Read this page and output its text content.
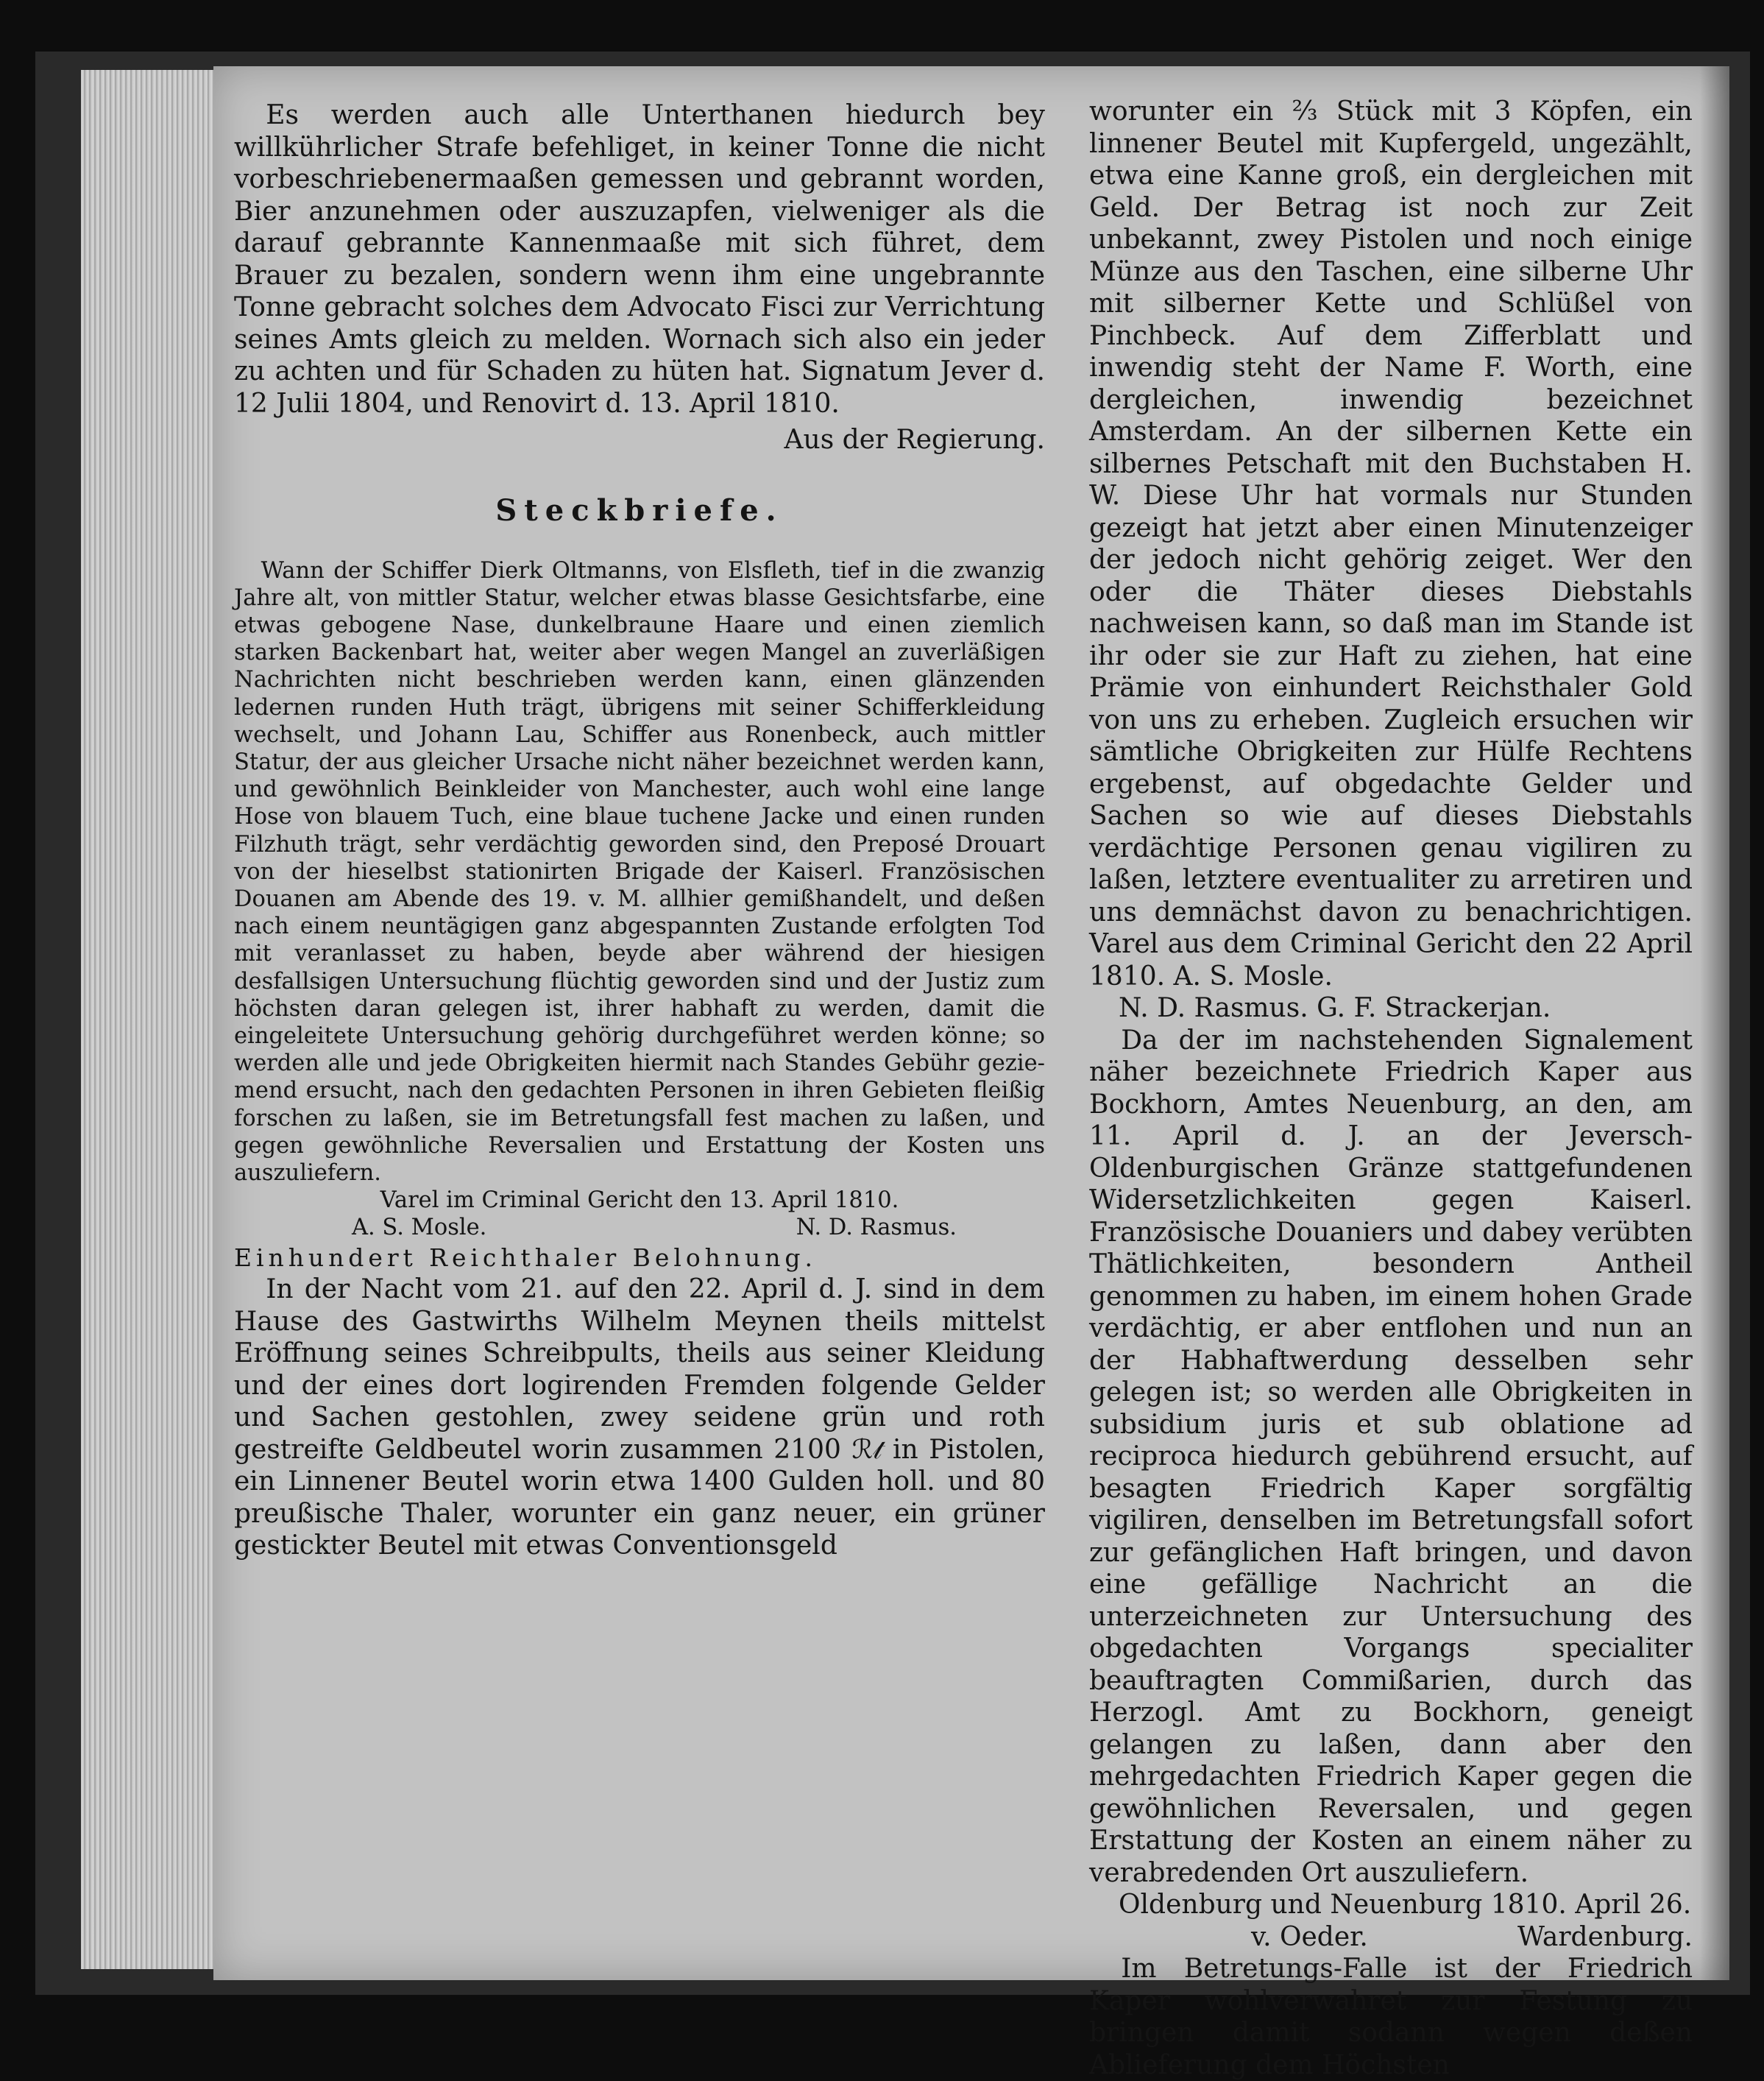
Es werden auch alle Unterthanen hiedurch bey willkührlicher Strafe befehliget, in keiner Tonne die nicht vorbeschriebenermaaßen gemessen und gebrannt worden, Bier anzunehmen oder auszuzapfen, vielweniger als die darauf gebrannte Kannenmaaße mit sich führet, dem Brauer zu bezalen, sondern wenn ihm eine ungebrannte Tonne gebracht solches dem Advocato Fisci zur Verrichtung seines Amts gleich zu melden. Wornach sich also ein jeder zu achten und für Schaden zu hüten hat. Signatum Jever d. 12 Julii 1804, und Renovirt d. 13. April 1810.

Aus der Regierung.

Steckbriefe.

Wann der Schiffer Dierk Oltmanns, von Elsfleth, tief in die zwanzig Jahre alt, von mittler Statur, welcher etwas blasse Gesichtsfarbe, eine etwas gebogene Nase, dunkelbraune Haare und einen ziemlich starken Backenbart hat, weiter aber wegen Mangel an zuverläßigen Nachrichten nicht beschrieben werden kann, einen glänzenden ledernen runden Huth trägt, übrigens mit seiner Schifferkleidung wechselt, und Johann Lau, Schiffer aus Ronenbeck, auch mittler Statur, der aus gleicher Ursache nicht näher bezeichnet werden kann, und gewöhnlich Beinkleider von Manchester, auch wohl eine lange Hose von blauem Tuch, eine blaue tuchene Jacke und einen runden Filzhuth trägt, sehr verdächtig geworden sind, den Preposé Drouart von der hieselbst stationirten Brigade der Kaiserl. Französischen Douanen am Abende des 19. v. M. allhier gemißhandelt, und deßen nach einem neuntägigen ganz abgespannten Zustande erfolgten Tod mit veranlasset zu haben, beyde aber während der hiesigen desfallsigen Untersuchung flüchtig geworden sind und der Justiz zum höchsten daran gelegen ist, ihrer habhaft zu werden, damit die eingeleitete Untersuchung gehörig durchgeführet werden könne; so werden alle und jede Obrigkeiten hiermit nach Standes Gebühr gezie-mend ersucht, nach den gedachten Personen in ihren Gebieten fleißig forschen zu laßen, sie im Betretungsfall fest machen zu laßen, und gegen gewöhnliche Reversalien und Erstattung der Kosten uns auszuliefern.

Varel im Criminal Gericht den 13. April 1810.

A. S. Mosle.	N. D. Rasmus.

Einhundert Reichthaler Belohnung.

In der Nacht vom 21. auf den 22. April d. J. sind in dem Hause des Gastwirths Wilhelm Meynen theils mittelst Eröffnung seines Schreibpults, theils aus seiner Kleidung und der eines dort logirenden Fremden folgende Gelder und Sachen gestohlen, zwey seidene grün und roth gestreifte Geldbeutel worin zusammen 2100 ℛ𝓉 in Pistolen, ein Linnener Beutel worin etwa 1400 Gulden holl. und 80 preußische Thaler, worunter ein ganz neuer, ein grüner gestickter Beutel mit etwas Conventionsgeld

worunter ein ⅔ Stück mit 3 Köpfen, ein linnener Beutel mit Kupfergeld, ungezählt, etwa eine Kanne groß, ein dergleichen mit Geld. Der Betrag ist noch zur Zeit unbekannt, zwey Pistolen und noch einige Münze aus den Taschen, eine silberne Uhr mit silberner Kette und Schlüßel von Pinchbeck. Auf dem Zifferblatt und inwendig steht der Name F. Worth, eine dergleichen, inwendig bezeichnet Amsterdam. An der silbernen Kette ein silbernes Petschaft mit den Buchstaben H. W. Diese Uhr hat vormals nur Stunden gezeigt hat jetzt aber einen Minutenzeiger der jedoch nicht gehörig zeiget. Wer den oder die Thäter dieses Diebstahls nachweisen kann, so daß man im Stande ist ihr oder sie zur Haft zu ziehen, hat eine Prämie von einhundert Reichsthaler Gold von uns zu erheben. Zugleich ersuchen wir sämtliche Obrigkeiten zur Hülfe Rechtens ergebenst, auf obgedachte Gelder und Sachen so wie auf dieses Diebstahls verdächtige Personen genau vigiliren zu laßen, letztere eventualiter zu arretiren und uns demnächst davon zu benachrichtigen. Varel aus dem Criminal Gericht den 22 April 1810. A. S. Mosle.

N. D. Rasmus. G. F. Strackerjan.

Da der im nachstehenden Signalement näher bezeichnete Friedrich Kaper aus Bockhorn, Amtes Neuenburg, an den, am 11. April d. J. an der Jeversch-Oldenburgischen Gränze stattgefundenen Widersetzlichkeiten gegen Kaiserl. Französische Douaniers und dabey verübten Thätlichkeiten, besondern Antheil genommen zu haben, im einem hohen Grade verdächtig, er aber entflohen und nun an der Habhaftwerdung desselben sehr gelegen ist; so werden alle Obrigkeiten in subsidium juris et sub oblatione ad reciproca hiedurch gebührend ersucht, auf besagten Friedrich Kaper sorgfältig vigiliren, denselben im Betretungsfall sofort zur gefänglichen Haft bringen, und davon eine gefällige Nachricht an die unterzeichneten zur Untersuchung des obgedachten Vorgangs specialiter beauftragten Commißarien, durch das Herzogl. Amt zu Bockhorn, geneigt gelangen zu laßen, dann aber den mehrgedachten Friedrich Kaper gegen die gewöhnlichen Reversalen, und gegen Erstattung der Kosten an einem näher zu verabredenden Ort auszuliefern.

Oldenburg und Neuenburg 1810. April 26.

v. Oeder.	Wardenburg.

Im Betretungs-Falle ist der Friedrich Kaper wohlverwahret zur Festung zu bringen damit sodann wegen deßen Ablieferung dem Höchsten
